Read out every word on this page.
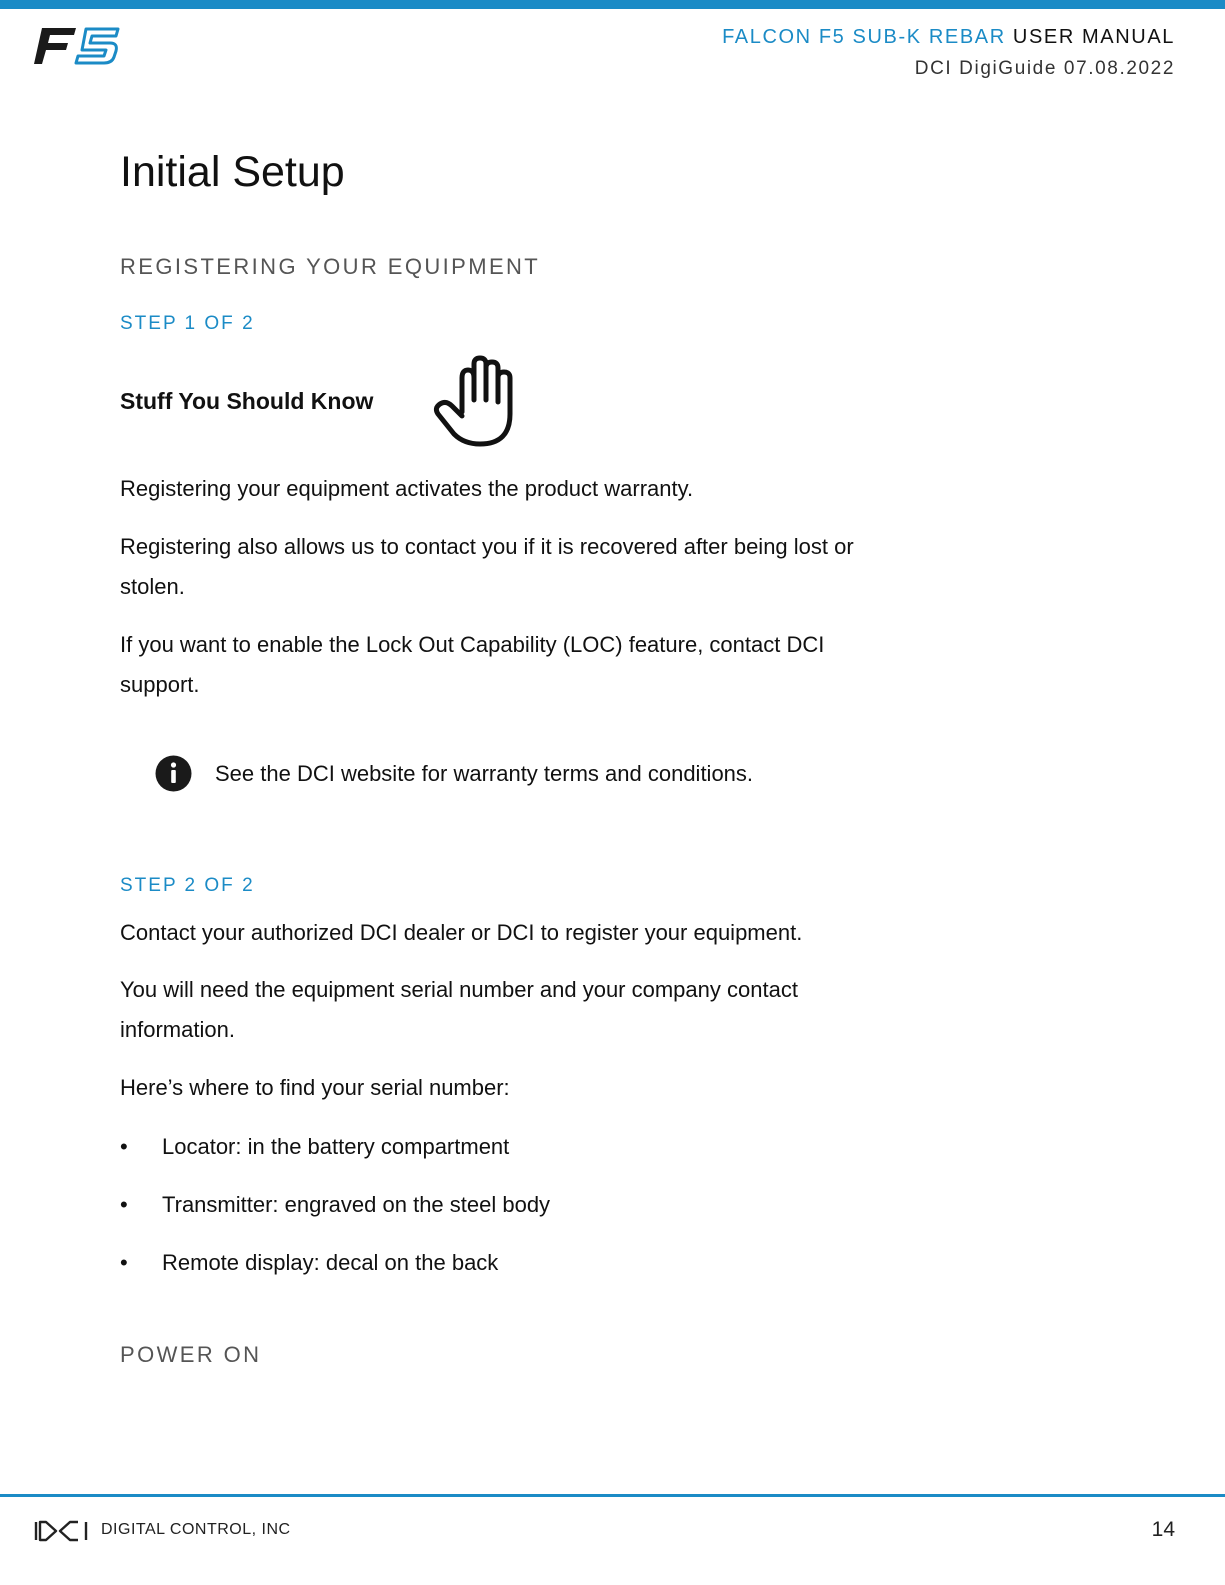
FALCON F5 SUB-K REBAR USER MANUAL
DCI DigiGuide 07.08.2022
Initial Setup
REGISTERING YOUR EQUIPMENT
STEP 1 OF 2
Stuff You Should Know

Registering your equipment activates the product warranty.

Registering also allows us to contact you if it is recovered after being lost or

stolen.

If you want to enable the Lock Out Capability (LOC) feature, contact DCI

support.

See the DCI website for warranty terms and conditions.
STEP 2 OF 2

Contact your authorized DCI dealer or DCI to register your equipment.

You will need the equipment serial number and your company contact

information.

Here’s where to find your serial number:

• Locator: in the battery compartment
• Transmitter: engraved on the steel body
• Remote display: decal on the back
POWER ON
DIGITAL CONTROL, INC	14
